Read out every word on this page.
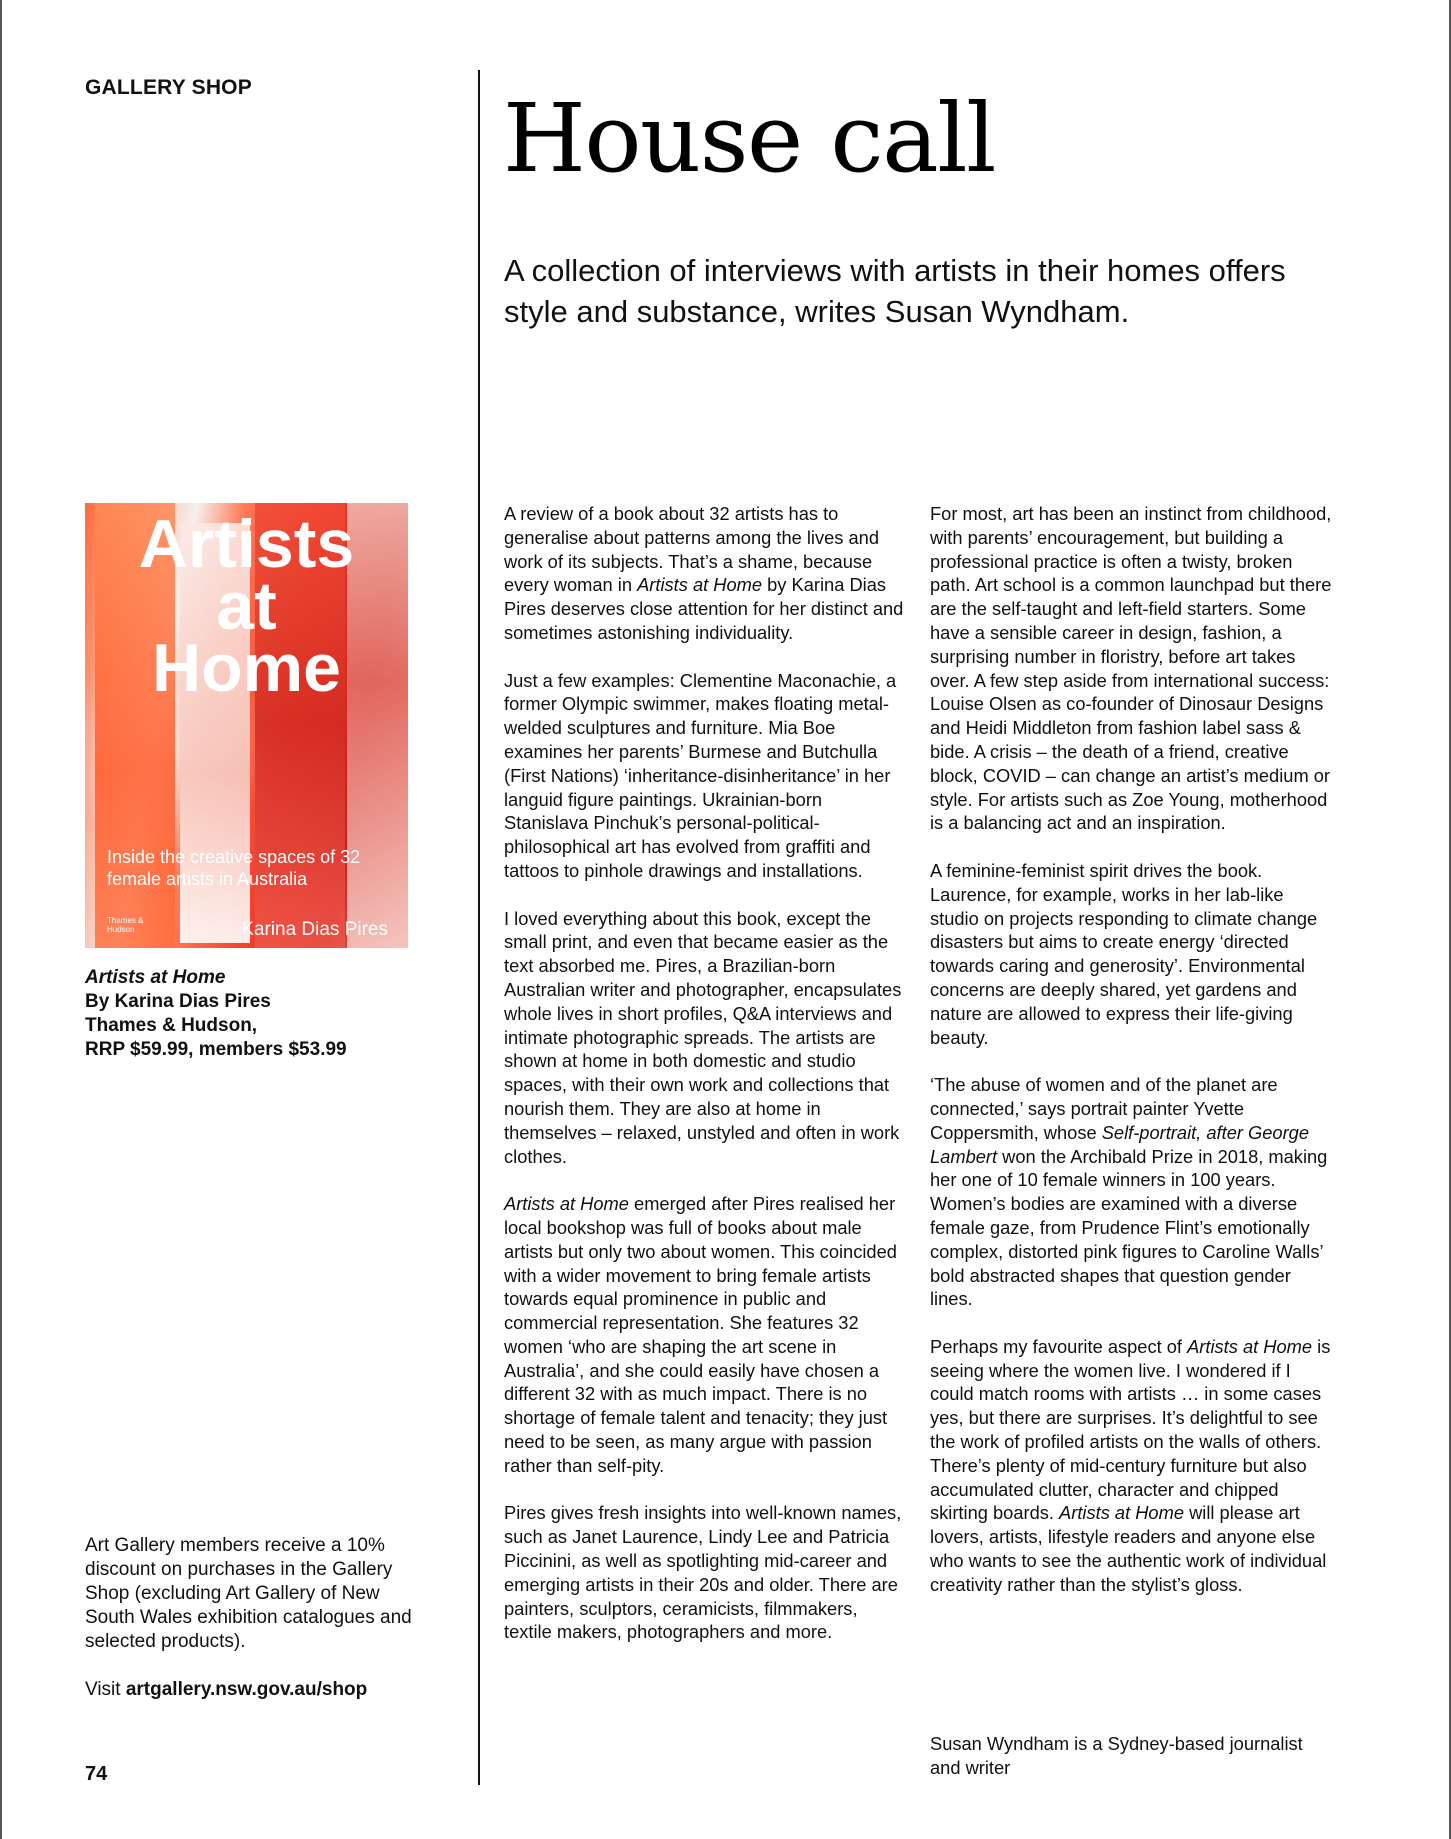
GALLERY SHOP	House call

A collection of interviews with artists in their homes offers style and substance, writes Susan Wyndham.

Artists
at
Home
Inside the creative spaces of 32 female artists in Australia
Thames & Hudson	Karina Dias Pires
Artists at Home
By Karina Dias Pires
Thames & Hudson,
RRP $59.99, members $53.99
Art Gallery members receive a 10% discount on purchases in the Gallery Shop (excluding Art Gallery of New South Wales exhibition catalogues and selected products).
Visit artgallery.nsw.gov.au/shop
74

A review of a book about 32 artists has to generalise about patterns among the lives and work of its subjects. That’s a shame, because every woman in Artists at Home by Karina Dias Pires deserves close attention for her distinct and sometimes astonishing individuality.

Just a few examples: Clementine Maconachie, a former Olympic swimmer, makes floating metal-welded sculptures and furniture. Mia Boe examines her parents’ Burmese and Butchulla (First Nations) ‘inheritance-disinheritance’ in her languid figure paintings. Ukrainian-born Stanislava Pinchuk’s personal-political-philosophical art has evolved from graffiti and tattoos to pinhole drawings and installations.

I loved everything about this book, except the small print, and even that became easier as the text absorbed me. Pires, a Brazilian-born Australian writer and photographer, encapsulates whole lives in short profiles, Q&A interviews and intimate photographic spreads. The artists are shown at home in both domestic and studio spaces, with their own work and collections that nourish them. They are also at home in themselves – relaxed, unstyled and often in work clothes.

Artists at Home emerged after Pires realised her local bookshop was full of books about male artists but only two about women. This coincided with a wider movement to bring female artists towards equal prominence in public and commercial representation. She features 32 women ‘who are shaping the art scene in Australia’, and she could easily have chosen a different 32 with as much impact. There is no shortage of female talent and tenacity; they just need to be seen, as many argue with passion rather than self-pity.

Pires gives fresh insights into well-known names, such as Janet Laurence, Lindy Lee and Patricia Piccinini, as well as spotlighting mid-career and emerging artists in their 20s and older. There are painters, sculptors, ceramicists, filmmakers, textile makers, photographers and more.

For most, art has been an instinct from childhood, with parents’ encouragement, but building a professional practice is often a twisty, broken path. Art school is a common launchpad but there are the self-taught and left-field starters. Some have a sensible career in design, fashion, a surprising number in floristry, before art takes over. A few step aside from international success: Louise Olsen as co-founder of Dinosaur Designs and Heidi Middleton from fashion label sass & bide. A crisis – the death of a friend, creative block, COVID – can change an artist’s medium or style. For artists such as Zoe Young, motherhood is a balancing act and an inspiration.

A feminine-feminist spirit drives the book. Laurence, for example, works in her lab-like studio on projects responding to climate change disasters but aims to create energy ‘directed towards caring and generosity’. Environmental concerns are deeply shared, yet gardens and nature are allowed to express their life-giving beauty.

‘The abuse of women and of the planet are connected,’ says portrait painter Yvette Coppersmith, whose Self-portrait, after George Lambert won the Archibald Prize in 2018, making her one of 10 female winners in 100 years. Women’s bodies are examined with a diverse female gaze, from Prudence Flint’s emotionally complex, distorted pink figures to Caroline Walls’ bold abstracted shapes that question gender lines.

Perhaps my favourite aspect of Artists at Home is seeing where the women live. I wondered if I could match rooms with artists … in some cases yes, but there are surprises. It’s delightful to see the work of profiled artists on the walls of others. There’s plenty of mid-century furniture but also accumulated clutter, character and chipped skirting boards. Artists at Home will please art lovers, artists, lifestyle readers and anyone else who wants to see the authentic work of individual creativity rather than the stylist’s gloss.

Susan Wyndham is a Sydney-based journalist and writer
